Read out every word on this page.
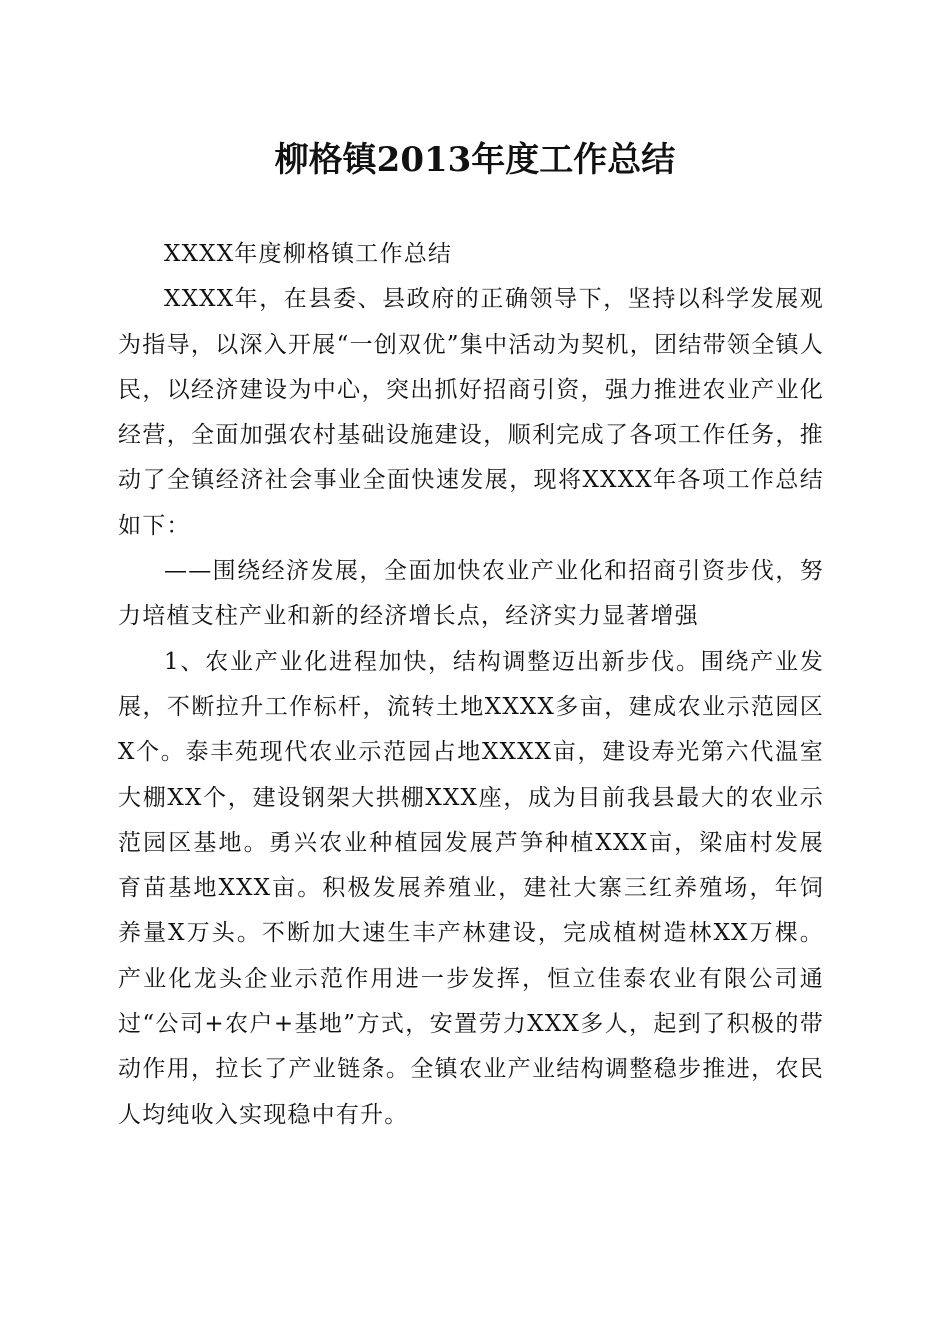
柳格镇2013年度工作总结

XXXX年度柳格镇工作总结

XXXX年，在县委、县政府的正确领导下，坚持以科学发展观为指导，以深入开展“一创双优”集中活动为契机，团结带领全镇人民，以经济建设为中心，突出抓好招商引资，强力推进农业产业化经营，全面加强农村基础设施建设，顺利完成了各项工作任务，推动了全镇经济社会事业全面快速发展，现将XXXX年各项工作总结如下：

——围绕经济发展，全面加快农业产业化和招商引资步伐，努力培植支柱产业和新的经济增长点，经济实力显著增强

1、农业产业化进程加快，结构调整迈出新步伐。围绕产业发展，不断拉升工作标杆，流转土地XXXX多亩，建成农业示范园区X个。泰丰苑现代农业示范园占地XXXX亩，建设寿光第六代温室大棚XX个，建设钢架大拱棚XXX座，成为目前我县最大的农业示范园区基地。勇兴农业种植园发展芦笋种植XXX亩，梁庙村发展育苗基地XXX亩。积极发展养殖业，建社大寨三红养殖场，年饲养量X万头。不断加大速生丰产林建设，完成植树造林XX万棵。产业化龙头企业示范作用进一步发挥，恒立佳泰农业有限公司通过“公司+农户+基地”方式，安置劳力XXX多人，起到了积极的带动作用，拉长了产业链条。全镇农业产业结构调整稳步推进，农民人均纯收入实现稳中有升。
